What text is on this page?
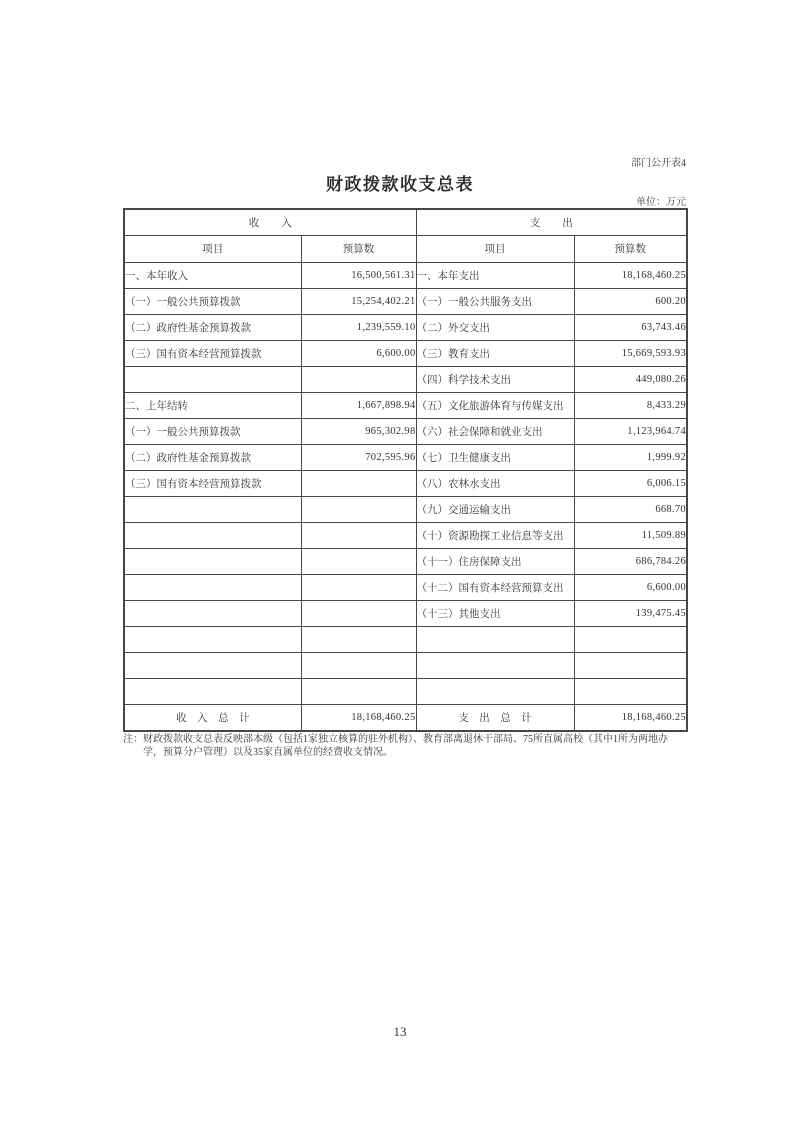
部门公开表4
财政拨款收支总表
单位：万元
收入		支出	
项目	预算数	项目	预算数
一、本年收入	16,500,561.31	一、本年支出	18,168,460.25
（一）一般公共预算拨款	15,254,402.21	（一）一般公共服务支出	600.20
（二）政府性基金预算拨款	1,239,559.10	（二）外交支出	63,743.46
（三）国有资本经营预算拨款	6,600.00	（三）教育支出	15,669,593.93
		（四）科学技术支出	449,080.26
二、上年结转	1,667,898.94	（五）文化旅游体育与传媒支出	8,433.29
（一）一般公共预算拨款	965,302.98	（六）社会保障和就业支出	1,123,964.74
（二）政府性基金预算拨款	702,595.96	（七）卫生健康支出	1,999.92
（三）国有资本经营预算拨款		（八）农林水支出	6,006.15
		（九）交通运输支出	668.70
		（十）资源勘探工业信息等支出	11,509.89
		（十一）住房保障支出	686,784.26
		（十二）国有资本经营预算支出	6,600.00
		（十三）其他支出	139,475.45

收入总计	18,168,460.25	支出总计	18,168,460.25
注： 财政拨款收支总表反映部本级（包括1家独立核算的驻外机构）、教育部离退休干部局、75所直属高校（其中1所为两地办学，预算分户管理）以及35家直属单位的经费收支情况。
13
